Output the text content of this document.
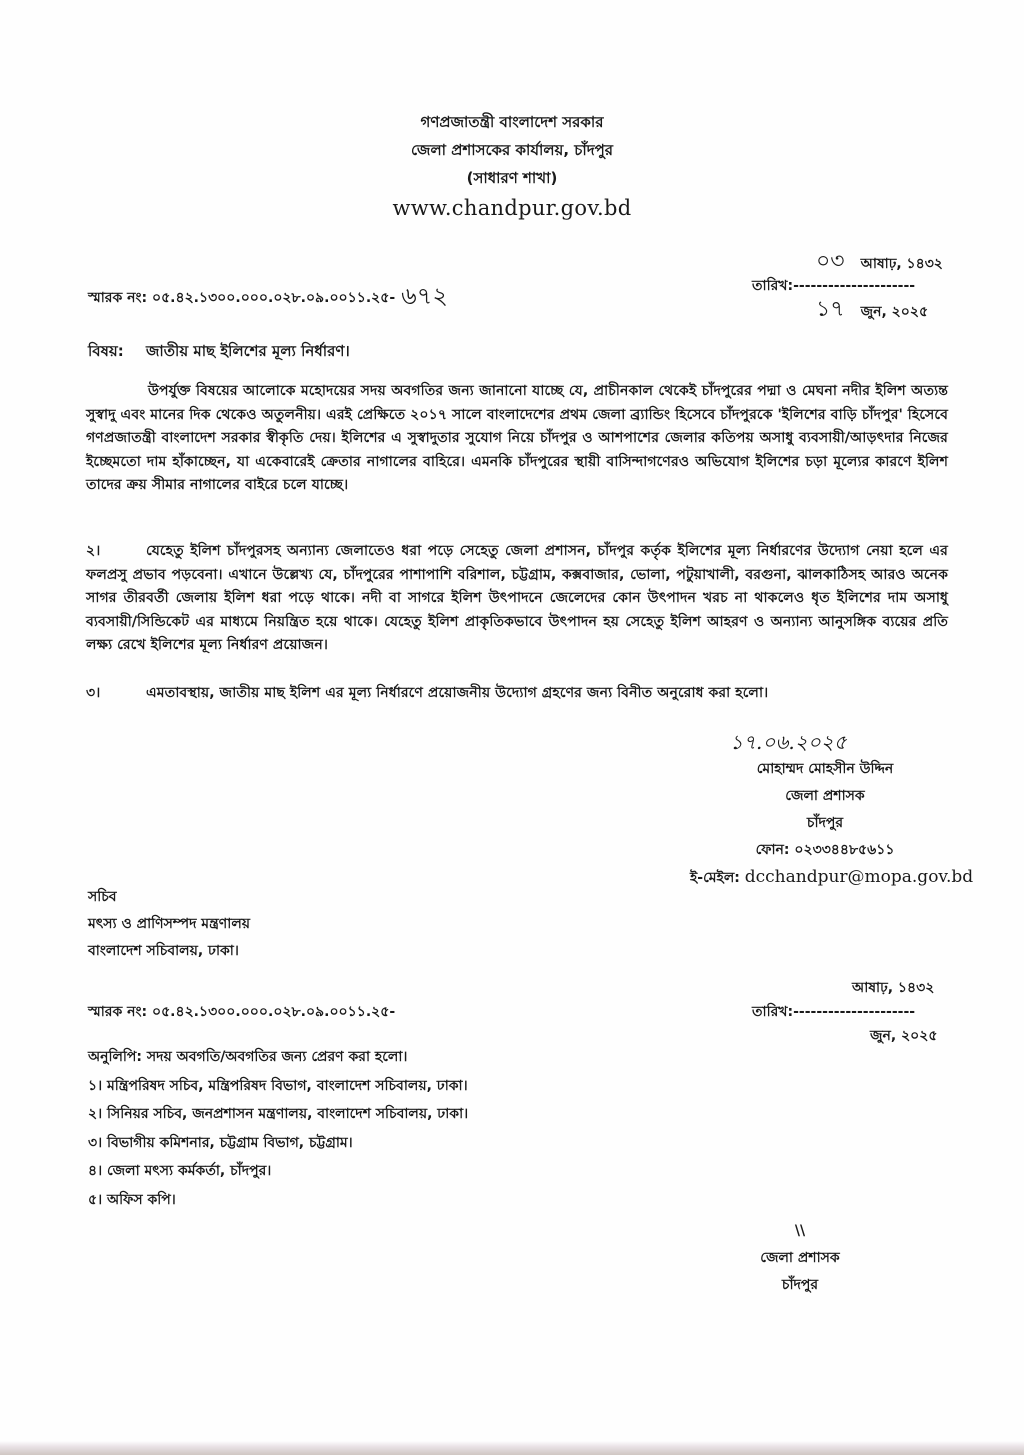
গণপ্রজাতন্ত্রী বাংলাদেশ সরকার
জেলা প্রশাসকের কার্যালয়, চাঁদপুর
(সাধারণ শাখা)
www.chandpur.gov.bd
স্মারক নং: ০৫.৪২.১৩০০.০০০.০২৮.০৯.০০১১.২৫- ৬৭২
০৩ আষাঢ়, ১৪৩২
তারিখ:---------------------
১৭ জুন, ২০২৫
বিষয়: জাতীয় মাছ ইলিশের মূল্য নির্ধারণ।
উপর্যুক্ত বিষয়ের আলোকে মহোদয়ের সদয় অবগতির জন্য জানানো যাচ্ছে যে, প্রাচীনকাল থেকেই চাঁদপুরের পদ্মা ও মেঘনা নদীর ইলিশ অত্যন্ত সুস্বাদু এবং মানের দিক থেকেও অতুলনীয়। এরই প্রেক্ষিতে ২০১৭ সালে বাংলাদেশের প্রথম জেলা ব্র্যান্ডিং হিসেবে চাঁদপুরকে 'ইলিশের বাড়ি চাঁদপুর' হিসেবে গণপ্রজাতন্ত্রী বাংলাদেশ সরকার স্বীকৃতি দেয়। ইলিশের এ সুস্বাদুতার সুযোগ নিয়ে চাঁদপুর ও আশপাশের জেলার কতিপয় অসাধু ব্যবসায়ী/আড়ৎদার নিজের ইচ্ছেমতো দাম হাঁকাচ্ছেন, যা একেবারেই ক্রেতার নাগালের বাহিরে। এমনকি চাঁদপুরের স্থায়ী বাসিন্দাগণেরও অভিযোগ ইলিশের চড়া মূল্যের কারণে ইলিশ তাদের ক্রয় সীমার নাগালের বাইরে চলে যাচ্ছে।
২।	যেহেতু ইলিশ চাঁদপুরসহ অন্যান্য জেলাতেও ধরা পড়ে সেহেতু জেলা প্রশাসন, চাঁদপুর কর্তৃক ইলিশের মূল্য নির্ধারণের উদ্যোগ নেয়া হলে এর ফলপ্রসু প্রভাব পড়বেনা। এখানে উল্লেখ্য যে, চাঁদপুরের পাশাপাশি বরিশাল, চট্টগ্রাম, কক্সবাজার, ভোলা, পটুয়াখালী, বরগুনা, ঝালকাঠিসহ আরও অনেক সাগর তীরবর্তী জেলায় ইলিশ ধরা পড়ে থাকে। নদী বা সাগরে ইলিশ উৎপাদনে জেলেদের কোন উৎপাদন খরচ না থাকলেও ধৃত ইলিশের দাম অসাধু ব্যবসায়ী/সিন্ডিকেট এর মাধ্যমে নিয়ন্ত্রিত হয়ে থাকে। যেহেতু ইলিশ প্রাকৃতিকভাবে উৎপাদন হয় সেহেতু ইলিশ আহরণ ও অন্যান্য আনুসঙ্গিক ব্যয়ের প্রতি লক্ষ্য রেখে ইলিশের মূল্য নির্ধারণ প্রয়োজন।
৩।	এমতাবস্থায়, জাতীয় মাছ ইলিশ এর মূল্য নির্ধারণে প্রয়োজনীয় উদ্যোগ গ্রহণের জন্য বিনীত অনুরোধ করা হলো।
১৭.০৬.২০২৫
মোহাম্মদ মোহসীন উদ্দিন
জেলা প্রশাসক
চাঁদপুর
ফোন: ০২৩৩৪৪৮৫৬১১
ই-মেইল: dcchandpur@mopa.gov.bd
সচিব
মৎস্য ও প্রাণিসম্পদ মন্ত্রণালয়
বাংলাদেশ সচিবালয়, ঢাকা।
স্মারক নং: ০৫.৪২.১৩০০.০০০.০২৮.০৯.০০১১.২৫-
আষাঢ়, ১৪৩২
তারিখ:---------------------
জুন, ২০২৫
অনুলিপি: সদয় অবগতি/অবগতির জন্য প্রেরণ করা হলো।
১। মন্ত্রিপরিষদ সচিব, মন্ত্রিপরিষদ বিভাগ, বাংলাদেশ সচিবালয়, ঢাকা।
২। সিনিয়র সচিব, জনপ্রশাসন মন্ত্রণালয়, বাংলাদেশ সচিবালয়, ঢাকা।
৩। বিভাগীয় কমিশনার, চট্টগ্রাম বিভাগ, চট্টগ্রাম।
৪। জেলা মৎস্য কর্মকর্তা, চাঁদপুর।
৫। অফিস কপি।
\\
জেলা প্রশাসক
চাঁদপুর
